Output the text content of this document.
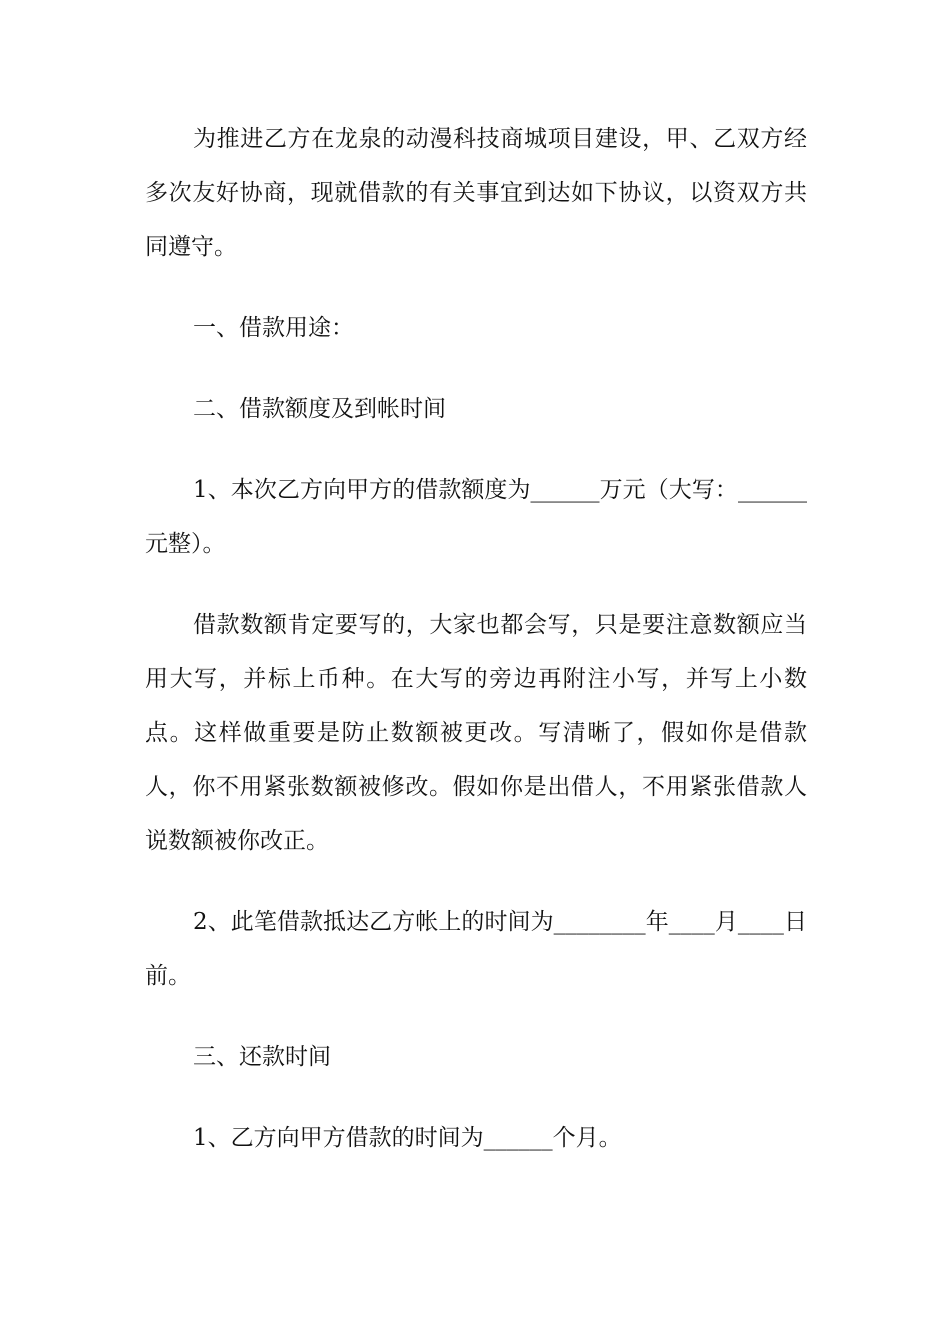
为推进乙方在龙泉的动漫科技商城项目建设，甲、乙双方经多次友好协商，现就借款的有关事宜到达如下协议，以资双方共同遵守。

一、借款用途：

二、借款额度及到帐时间

1、本次乙方向甲方的借款额度为______万元（大写：______元整）。

借款数额肯定要写的，大家也都会写，只是要注意数额应当用大写，并标上币种。在大写的旁边再附注小写，并写上小数点。这样做重要是防止数额被更改。写清晰了，假如你是借款人，你不用紧张数额被修改。假如你是出借人，不用紧张借款人说数额被你改正。

2、此笔借款抵达乙方帐上的时间为________年____月____日前。

三、还款时间

1、乙方向甲方借款的时间为______个月。
